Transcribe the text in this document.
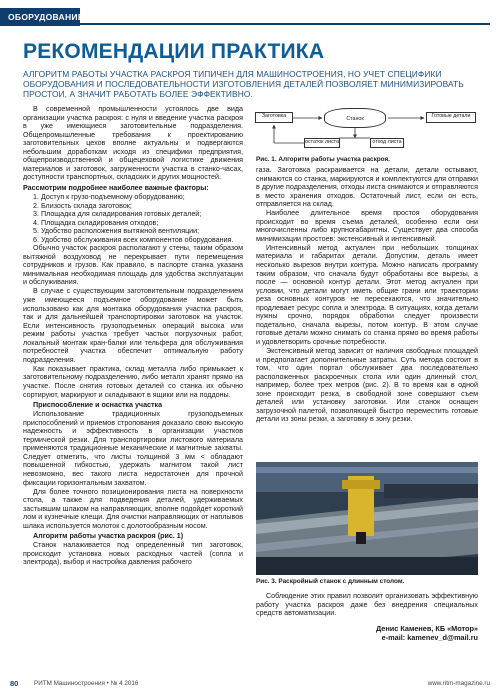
ОБОРУДОВАНИЕ
РЕКОМЕНДАЦИИ ПРАКТИКА
АЛГОРИТМ РАБОТЫ УЧАСТКА РАСКРОЯ ТИПИЧЕН ДЛЯ МАШИНОСТРОЕНИЯ, НО УЧЕТ СПЕЦИФИКИ ОБОРУДОВАНИЯ И ПОСЛЕДОВАТЕЛЬНОСТИ ИЗГОТОВЛЕНИЯ ДЕТАЛЕЙ ПОЗВОЛЯЕТ МИНИМИЗИРОВАТЬ ПРОСТОИ, А ЗНАЧИТ РАБОТАТЬ БОЛЕЕ ЭФФЕКТИВНО.

В современной промышленности устоялось две вида организации участка раскроя: с нуля и введение участка раскроя в уже имеющиеся заготовительные подразделения. Общепромышленные требования к проектированию заготовительных цехов вполне актуальны и подвергаются небольшим доработкам исходя из специфики предприятия, общепроизводственной и общецеховой логистике движения материалов и заготовок, загруженности участка в станко-часах, доступности транспортных, складских и других мощностей.

Рассмотрим подробнее наиболее важные факторы:

1. Доступ к грузо-подъемному оборудованию;
2. Близость склада заготовок;
3. Площадка для складирования готовых деталей;
4. Площадка складирования отходов;
5. Удобство расположения вытяжной вентиляции;
6. Удобство обслуживания всех компонентов оборудования.

Обычно участок раскроя располагают у стены, таким образом вытяжной воздуховод не перекрывает пути перемещения сотрудников и грузов. Как правило, в паспорте станка указана минимальная необходимая площадь для удобства эксплуатации и обслуживания.

В случае с существующим заготовительным подразделением уже имеющееся подъемное оборудование может быть использовано как для монтажа оборудования участка раскроя, так и для дальнейшей транспортировки заготовок на участок. Если интенсивность грузоподъемных операций высока или режим работы участка требует частых погрузочных работ, локальный монтаж кран-балки или тельфера для обслуживания потребностей участка обеспечит оптимальную работу подразделения.

Как показывает практика, склад металла либо примыкает к заготовительному подразделению, либо металл хранят прямо на участке. После снятия готовых деталей со станка их обычно сортируют, маркируют и складывают в ящики или на поддоны.

Приспособление и оснастка участка

Использование традиционных грузоподъемных приспособлений и приемов стропования доказало свою высокую надежность и эффективность в организации участков термической резки. Для транспортировки листового материала применяются традиционные механические и магнитные захваты. Следует отметить, что листы толщиной 3 мм < обладают повышенной гибкостью, удержать магнитом такой лист невозможно, вес такого листа недостаточен для прочной фиксации горизонтальным захватом.

Для более точного позиционирования листа на поверхности стола, а также для подведения деталей, удерживаемых застывшим шлаком на направляющих, вполне подойдет короткий лом и кузнечные клещи. Для очистки направляющих от наплывов шлака используется молоток с долотообразным носом.

Алгоритм работы участка раскроя (рис. 1)

Станок налаживается под определенный тип заготовок, происходит установка новых расходных частей (сопла и электрода), выбор и настройка давления рабочего

Заготовка	Станок	Готовые детали
остаток листа	отход листа
Рис. 1. Алгоритм работы участка раскроя.

газа. Заготовка раскраивается на детали, детали остывают, снимаются со станка, маркируются и комплектуются для отправки в другие подразделения, отходы листа снимаются и отправляются в место хранения отходов. Остаточный лист, если он есть, отправляется на склад.

Наиболее длительное время простоя оборудования происходит во время съема деталей, особенно если они многочисленны либо крупногабаритны. Существует два способа минимизации простоев: экстенсивный и интенсивный.

Интенсивный метод актуален при небольших толщинах материала и габаритах детали. Допустим, деталь имеет несколько вырезов внутри контура. Можно написать программу таким образом, что сначала будут обработаны все вырезы, а после — основной контур детали. Этот метод актуален при условии, что детали могут иметь общие грани или траектории реза основных контуров не пересекаются, что значительно продлевает ресурс сопла и электрода. В ситуациях, когда детали нужны срочно, порядок обработки следует произвести подетально, сначала вырезы, потом контур. В этом случае готовые детали можно снимать со станка прямо во время работы и удовлетворить срочные потребности.

Экстенсивный метод зависит от наличия свободных площадей и предполагает дополнительные затраты. Суть метода состоит в том, что один портал обслуживает два последовательно расположенных раскроечных стола или один длинный стол, например, более трех метров (рис. 2). В то время как в одной зоне происходит резка, в свободной зоне совершают съем деталей или установку заготовки. Или станок оснащен загрузочной палетой, позволяющей быстро переместить готовые детали из зоны резки, а заготовку в зону резки.

Рис. 3. Раскройный станок с длинным столом.

Соблюдение этих правил позволит организовать эффективную работу участка раскроя даже без внедрения специальных средств автоматизации.

Денис Каменев, КБ «Мотор»
e-mail: kamenev_d@mail.ru
80 РИТМ Машиностроения • № 4 2016	www.ritm-magazine.ru
